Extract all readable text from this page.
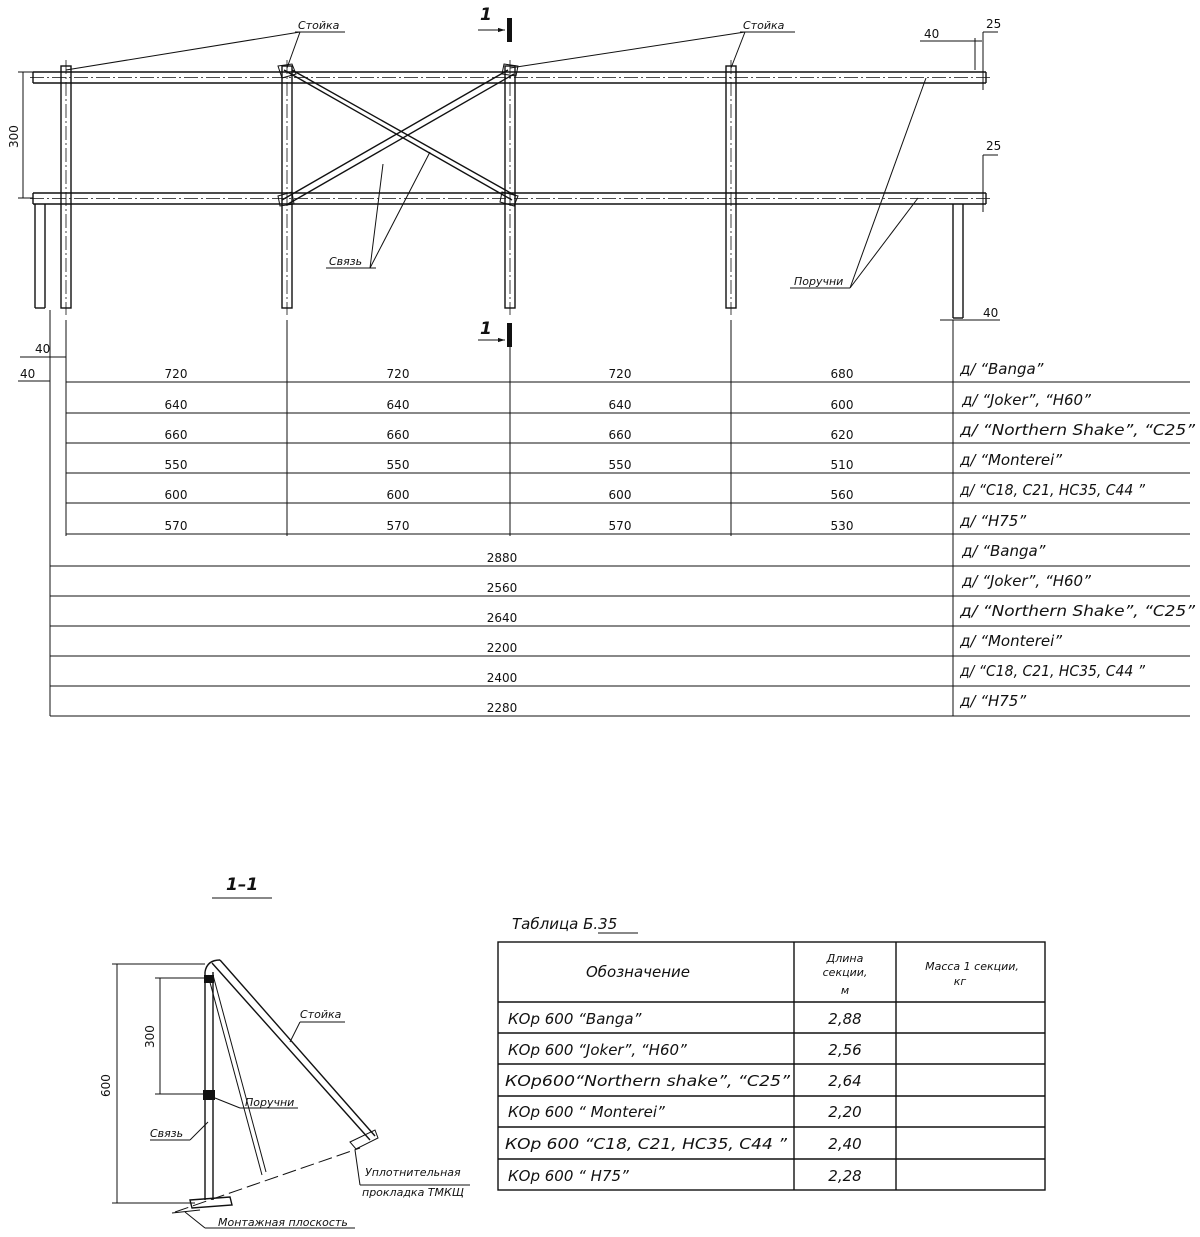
Стойка	Стойка
Связь
Поручни
1
1
300
40
25
25
40
40
40	720	720	720	680	д/ “Banga”
640	640	640	600	д/ “Joker”, “Н60”
660	660	660	620	д/ “Northern Shake”, “С25”
550	550	550	510	д/ “Monterei”
600	600	600	560	д/ “С18, С21, НС35, С44 ”
570	570	570	530	д/ “Н75”
2880	д/ “Banga”
2560	д/ “Joker”, “Н60”
2640	д/ “Northern Shake”, “С25”
2200	д/ “Monterei”
2400	д/ “С18, С21, НС35, С44 ”
2280	д/ “Н75”
1–1
600
300
Стойка
Поручни
Связь
Уплотнительная
прокладка ТМКЩ
Монтажная плоскость
Таблица Б.35
Обозначение
Длина
секции,
м
Масса 1 секции,
кг
КОр 600 “Banga”	2,88
КОр 600 “Joker”, “Н60”	2,56
КОр600“Northern shake”, “С25”	2,64
КОр 600 “ Monterei”	2,20
КОр 600 “С18, С21, НС35, С44 ”	2,40
КОр 600 “ Н75”	2,28
